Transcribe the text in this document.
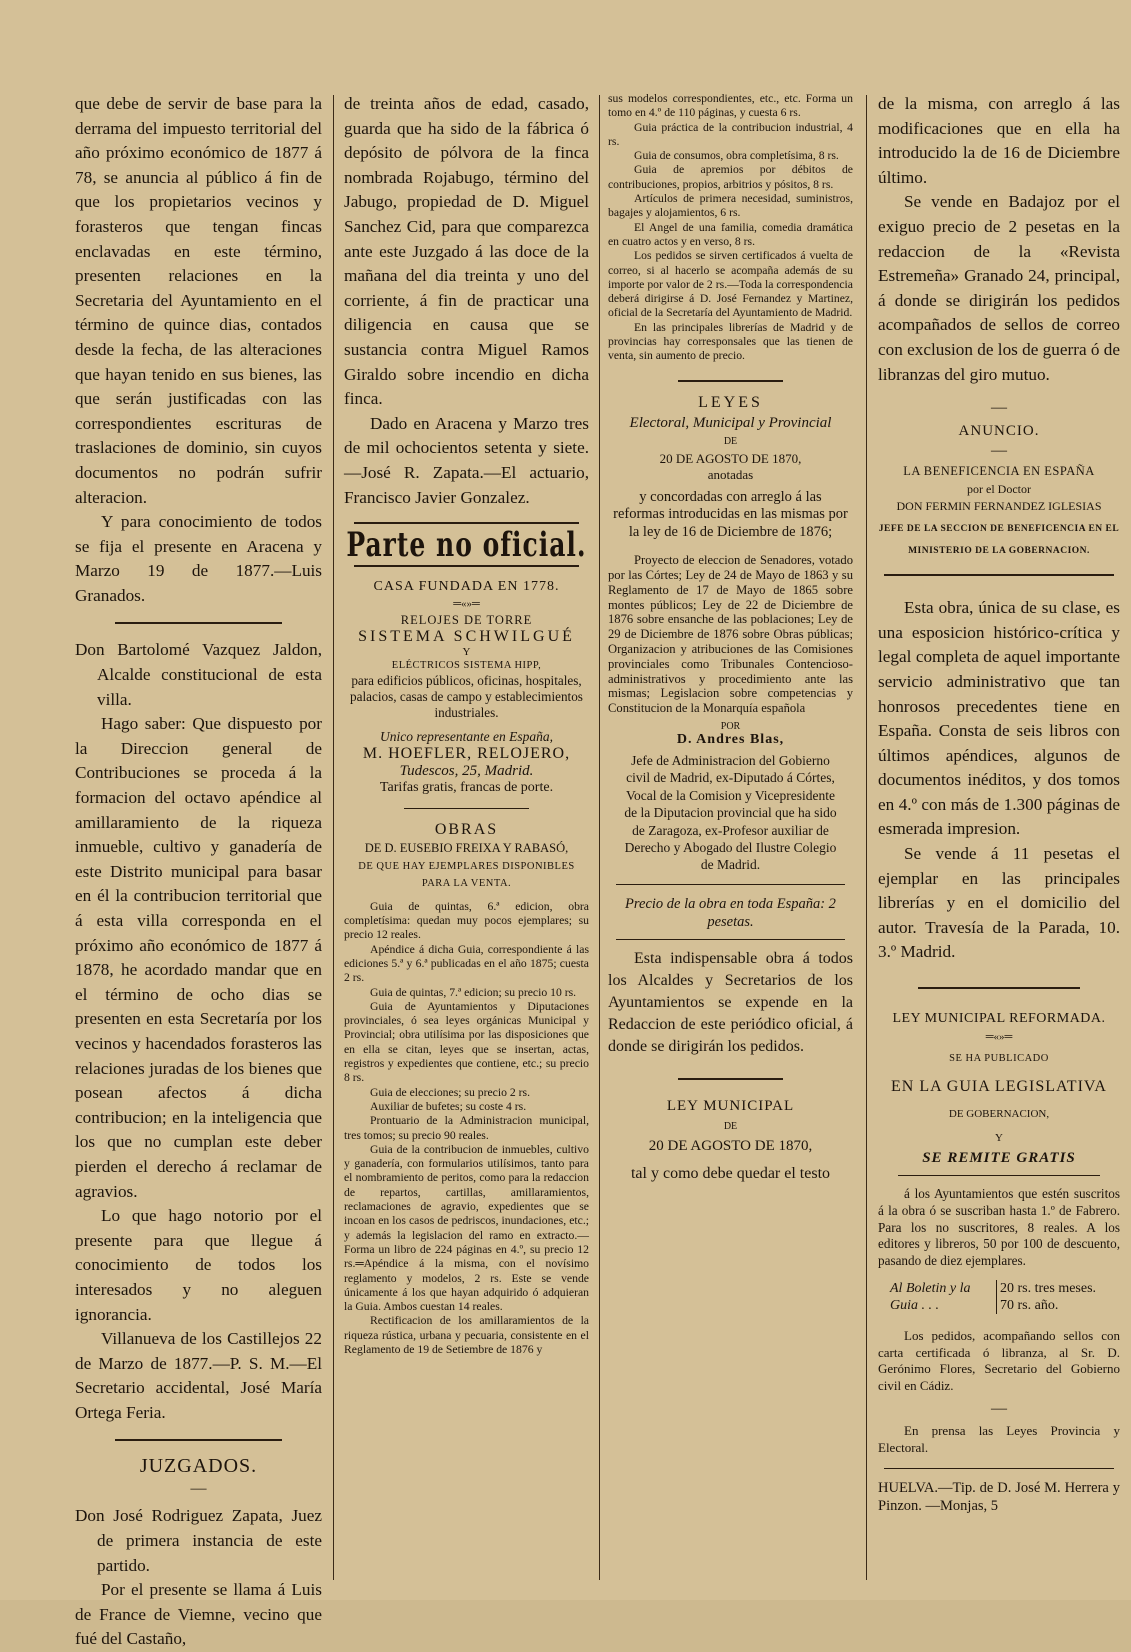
que debe de servir de base para la derrama del impuesto territorial del año próximo económico de 1877 á 78, se anuncia al público á fin de que los propietarios vecinos y forasteros que tengan fincas enclavadas en este término, presenten relaciones en la Secretaria del Ayuntamiento en el término de quince dias, contados desde la fecha, de las alteraciones que hayan tenido en sus bienes, las que serán justificadas con las correspondientes escrituras de traslaciones de dominio, sin cuyos documentos no podrán sufrir alteracion.

Y para conocimiento de todos se fija el presente en Aracena y Marzo 19 de 1877.—Luis Granados.

Don Bartolomé Vazquez Jaldon, Alcalde constitucional de esta villa.

Hago saber: Que dispuesto por la Direccion general de Contribuciones se proceda á la formacion del octavo apéndice al amillaramiento de la riqueza inmueble, cultivo y ganadería de este Distrito municipal para basar en él la contribucion territorial que á esta villa corresponda en el próximo año económico de 1877 á 1878, he acordado mandar que en el término de ocho dias se presenten en esta Secretaría por los vecinos y hacendados forasteros las relaciones juradas de los bienes que posean afectos á dicha contribucion; en la inteligencia que los que no cumplan este deber pierden el derecho á reclamar de agravios.

Lo que hago notorio por el presente para que llegue á conocimiento de todos los interesados y no aleguen ignorancia.

Villanueva de los Castillejos 22 de Marzo de 1877.—P. S. M.—El Secretario accidental, José María Ortega Feria.

JUZGADOS.
—

Don José Rodriguez Zapata, Juez de primera instancia de este partido.

Por el presente se llama á Luis de France de Viemne, vecino que fué del Castaño,

de treinta años de edad, casado, guarda que ha sido de la fábrica ó depósito de pólvora de la finca nombrada Rojabugo, término del Jabugo, propiedad de D. Miguel Sanchez Cid, para que comparezca ante este Juzgado á las doce de la mañana del dia treinta y uno del corriente, á fin de practicar una diligencia en causa que se sustancia contra Miguel Ramos Giraldo sobre incendio en dicha finca.

Dado en Aracena y Marzo tres de mil ochocientos setenta y siete.—José R. Zapata.—El actuario, Francisco Javier Gonzalez.

Parte no oficial.
CASA FUNDADA EN 1778.
═«»═
RELOJES DE TORRE
SISTEMA SCHWILGUÉ
Y
ELÉCTRICOS SISTEMA HIPP,

para edificios públicos, oficinas, hospitales, palacios, casas de campo y establecimientos industriales.

Unico representante en España,
M. HOEFLER, RELOJERO,
Tudescos, 25, Madrid.
Tarifas gratis, francas de porte.
OBRAS
DE D. EUSEBIO FREIXA Y RABASÓ,
DE QUE HAY EJEMPLARES DISPONIBLES PARA LA VENTA.

Guia de quintas, 6.ª edicion, obra completísima: quedan muy pocos ejemplares; su precio 12 reales.

Apéndice á dicha Guia, correspondiente á las ediciones 5.ª y 6.ª publicadas en el año 1875; cuesta 2 rs.

Guia de quintas, 7.ª edicion; su precio 10 rs.

Guia de Ayuntamientos y Diputaciones provinciales, ó sea leyes orgánicas Municipal y Provincial; obra utilísima por las disposiciones que en ella se citan, leyes que se insertan, actas, registros y expedientes que contiene, etc.; su precio 8 rs.

Guia de elecciones; su precio 2 rs.

Auxiliar de bufetes; su coste 4 rs.

Prontuario de la Administracion municipal, tres tomos; su precio 90 reales.

Guia de la contribucion de inmuebles, cultivo y ganadería, con formularios utilísimos, tanto para el nombramiento de peritos, como para la redaccion de repartos, cartillas, amillaramientos, reclamaciones de agravio, expedientes que se incoan en los casos de pedriscos, inundaciones, etc.; y además la legislacion del ramo en extracto.—Forma un libro de 224 páginas en 4.º, su precio 12 rs.═Apéndice á la misma, con el novísimo reglamento y modelos, 2 rs. Este se vende únicamente á los que hayan adquirido ó adquieran la Guia. Ambos cuestan 14 reales.

Rectificacion de los amillaramientos de la riqueza rústica, urbana y pecuaria, consistente en el Reglamento de 19 de Setiembre de 1876 y

sus modelos correspondientes, etc., etc. Forma un tomo en 4.º de 110 páginas, y cuesta 6 rs.

Guia práctica de la contribucion industrial, 4 rs.

Guia de consumos, obra completísima, 8 rs.

Guia de apremios por débitos de contribuciones, propios, arbitrios y pósitos, 8 rs.

Artículos de primera necesidad, suministros, bagajes y alojamientos, 6 rs.

El Angel de una familia, comedia dramática en cuatro actos y en verso, 8 rs.

Los pedidos se sirven certificados á vuelta de correo, si al hacerlo se acompaña además de su importe por valor de 2 rs.—Toda la correspondencia deberá dirigirse á D. José Fernandez y Martinez, oficial de la Secretaría del Ayuntamiento de Madrid.

En las principales librerías de Madrid y de provincias hay corresponsales que las tienen de venta, sin aumento de precio.

LEYES
Electoral, Municipal y Provincial
DE
20 DE AGOSTO DE 1870,
anotadas

y concordadas con arreglo á las reformas introducidas en las mismas por la ley de 16 de Diciembre de 1876;

Proyecto de eleccion de Senadores, votado por las Córtes; Ley de 24 de Mayo de 1863 y su Reglamento de 17 de Mayo de 1865 sobre montes públicos; Ley de 22 de Diciembre de 1876 sobre ensanche de las poblaciones; Ley de 29 de Diciembre de 1876 sobre Obras públicas; Organizacion y atribuciones de las Comisiones provinciales como Tribunales Contencioso-administrativos y procedimiento ante las mismas; Legislacion sobre competencias y Constitucion de la Monarquía española

POR
D. Andres Blas,

Jefe de Administracion del Gobierno civil de Madrid, ex-Diputado á Córtes, Vocal de la Comision y Vicepresidente de la Diputacion provincial que ha sido de Zaragoza, ex-Profesor auxiliar de Derecho y Abogado del Ilustre Colegio de Madrid.

Precio de la obra en toda España: 2 pesetas.

Esta indispensable obra á todos los Alcaldes y Secretarios de los Ayuntamientos se expende en la Redaccion de este periódico oficial, á donde se dirigirán los pedidos.

LEY MUNICIPAL
DE
20 DE AGOSTO DE 1870,
tal y como debe quedar el testo

de la misma, con arreglo á las modificaciones que en ella ha introducido la de 16 de Diciembre último.

Se vende en Badajoz por el exiguo precio de 2 pesetas en la redaccion de la «Revista Estremeña» Granado 24, principal, á donde se dirigirán los pedidos acompañados de sellos de correo con exclusion de los de guerra ó de libranzas del giro mutuo.

—
ANUNCIO.
—
LA BENEFICENCIA EN ESPAÑA
por el Doctor
DON FERMIN FERNANDEZ IGLESIAS
JEFE DE LA SECCION DE BENEFICENCIA EN EL MINISTERIO DE LA GOBERNACION.

Esta obra, única de su clase, es una esposicion histórico-crítica y legal completa de aquel importante servicio administrativo que tan honrosos precedentes tiene en España. Consta de seis libros con últimos apéndices, algunos de documentos inéditos, y dos tomos en 4.º con más de 1.300 páginas de esmerada impresion.

Se vende á 11 pesetas el ejemplar en las principales librerías y en el domicilio del autor. Travesía de la Parada, 10. 3.º Madrid.

LEY MUNICIPAL REFORMADA.
═«»═
SE HA PUBLICADO
EN LA GUIA LEGISLATIVA
DE GOBERNACION,
Y
SE REMITE GRATIS

á los Ayuntamientos que estén suscritos á la obra ó se suscriban hasta 1.º de Fabrero. Para los no suscritores, 8 reales. A los editores y libreros, 50 por 100 de descuento, pasando de diez ejemplares.

Al Boletin y la
Guia . . .
20 rs. tres meses.
70 rs. año.

Los pedidos, acompañando sellos con carta certificada ó libranza, al Sr. D. Gerónimo Flores, Secretario del Gobierno civil en Cádiz.

—

En prensa las Leyes Provincia y Electoral.

HUELVA.—Tip. de D. José M. Herrera y Pinzon. —Monjas, 5
